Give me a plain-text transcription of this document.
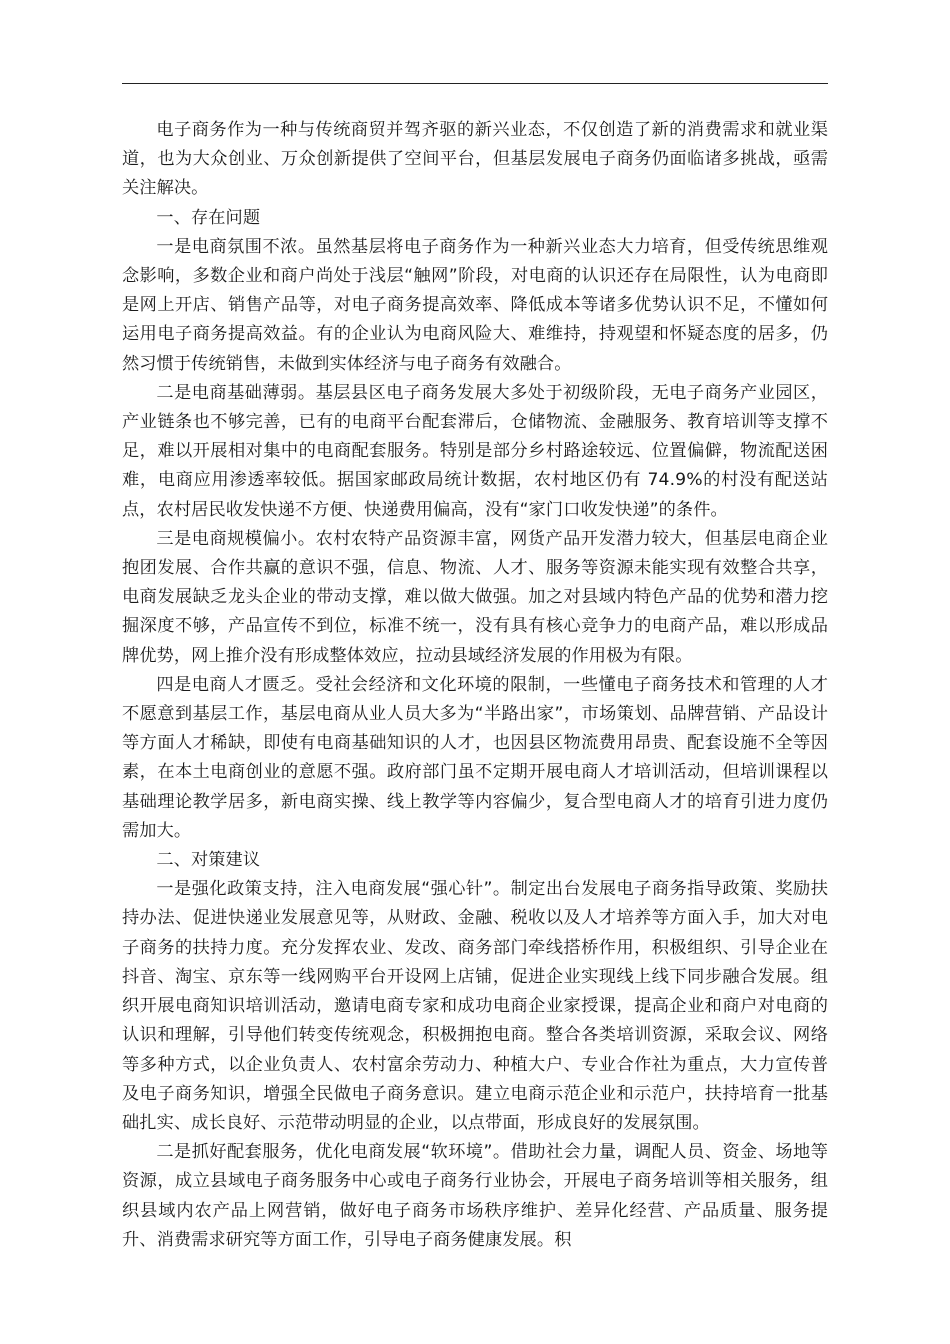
电子商务作为一种与传统商贸并驾齐驱的新兴业态，不仅创造了新的消费需求和就业渠道，也为大众创业、万众创新提供了空间平台，但基层发展电子商务仍面临诸多挑战，亟需关注解决。

一、存在问题

一是电商氛围不浓。虽然基层将电子商务作为一种新兴业态大力培育，但受传统思维观念影响，多数企业和商户尚处于浅层“触网”阶段，对电商的认识还存在局限性，认为电商即是网上开店、销售产品等，对电子商务提高效率、降低成本等诸多优势认识不足，不懂如何运用电子商务提高效益。有的企业认为电商风险大、难维持，持观望和怀疑态度的居多，仍然习惯于传统销售，未做到实体经济与电子商务有效融合。

二是电商基础薄弱。基层县区电子商务发展大多处于初级阶段，无电子商务产业园区，产业链条也不够完善，已有的电商平台配套滞后，仓储物流、金融服务、教育培训等支撑不足，难以开展相对集中的电商配套服务。特别是部分乡村路途较远、位置偏僻，物流配送困难，电商应用渗透率较低。据国家邮政局统计数据，农村地区仍有 74.9%的村没有配送站点，农村居民收发快递不方便、快递费用偏高，没有“家门口收发快递”的条件。

三是电商规模偏小。农村农特产品资源丰富，网货产品开发潜力较大，但基层电商企业抱团发展、合作共赢的意识不强，信息、物流、人才、服务等资源未能实现有效整合共享，电商发展缺乏龙头企业的带动支撑，难以做大做强。加之对县域内特色产品的优势和潜力挖掘深度不够，产品宣传不到位，标准不统一，没有具有核心竞争力的电商产品，难以形成品牌优势，网上推介没有形成整体效应，拉动县域经济发展的作用极为有限。

四是电商人才匮乏。受社会经济和文化环境的限制，一些懂电子商务技术和管理的人才不愿意到基层工作，基层电商从业人员大多为“半路出家”，市场策划、品牌营销、产品设计等方面人才稀缺，即使有电商基础知识的人才，也因县区物流费用昂贵、配套设施不全等因素，在本土电商创业的意愿不强。政府部门虽不定期开展电商人才培训活动，但培训课程以基础理论教学居多，新电商实操、线上教学等内容偏少，复合型电商人才的培育引进力度仍需加大。

二、对策建议

一是强化政策支持，注入电商发展“强心针”。制定出台发展电子商务指导政策、奖励扶持办法、促进快递业发展意见等，从财政、金融、税收以及人才培养等方面入手，加大对电子商务的扶持力度。充分发挥农业、发改、商务部门牵线搭桥作用，积极组织、引导企业在抖音、淘宝、京东等一线网购平台开设网上店铺，促进企业实现线上线下同步融合发展。组织开展电商知识培训活动，邀请电商专家和成功电商企业家授课，提高企业和商户对电商的认识和理解，引导他们转变传统观念，积极拥抱电商。整合各类培训资源，采取会议、网络等多种方式，以企业负责人、农村富余劳动力、种植大户、专业合作社为重点，大力宣传普及电子商务知识，增强全民做电子商务意识。建立电商示范企业和示范户，扶持培育一批基础扎实、成长良好、示范带动明显的企业，以点带面，形成良好的发展氛围。

二是抓好配套服务，优化电商发展“软环境”。借助社会力量，调配人员、资金、场地等资源，成立县域电子商务服务中心或电子商务行业协会，开展电子商务培训等相关服务，组织县域内农产品上网营销，做好电子商务市场秩序维护、差异化经营、产品质量、服务提升、消费需求研究等方面工作，引导电子商务健康发展。积
